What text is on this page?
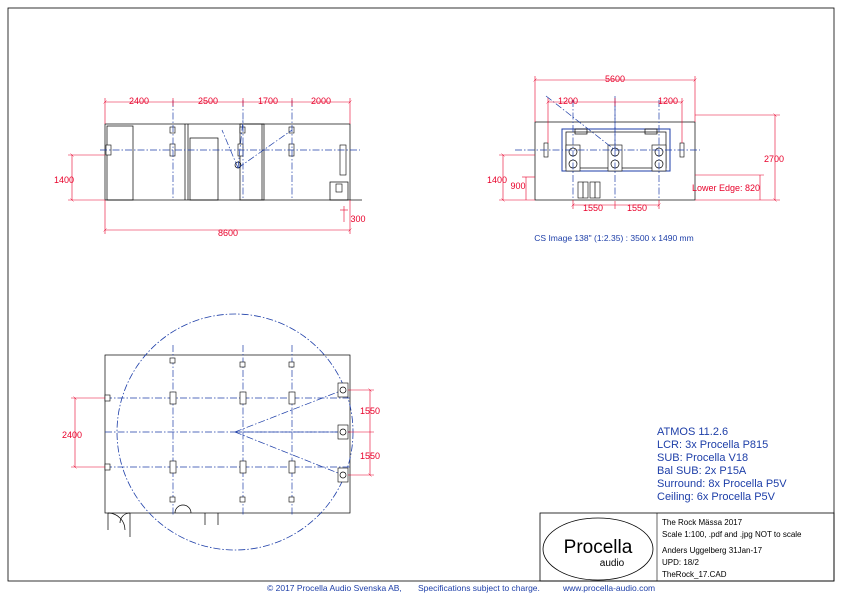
2400	2500	1700	2000
1400
8600
300
5600
1200	1200
2700
1400
900
1550	1550
Lower Edge: 820
CS Image 138" (1:2.35) : 3500 x 1490 mm
2400
1550
1550
ATMOS 11.2.6
LCR: 3x Procella P815
SUB: Procella V18
Bal SUB: 2x P15A
Surround: 8x Procella P5V
Ceiling: 6x Procella P5V
Procella
audio
The Rock Mässa 2017
Scale 1:100, .pdf and .jpg NOT to scale
Anders Uggelberg 31Jan-17
UPD: 18/2
TheRock_17.CAD
© 2017 Procella Audio Svenska AB, Specifications subject to charge.	www.procella-audio.com
